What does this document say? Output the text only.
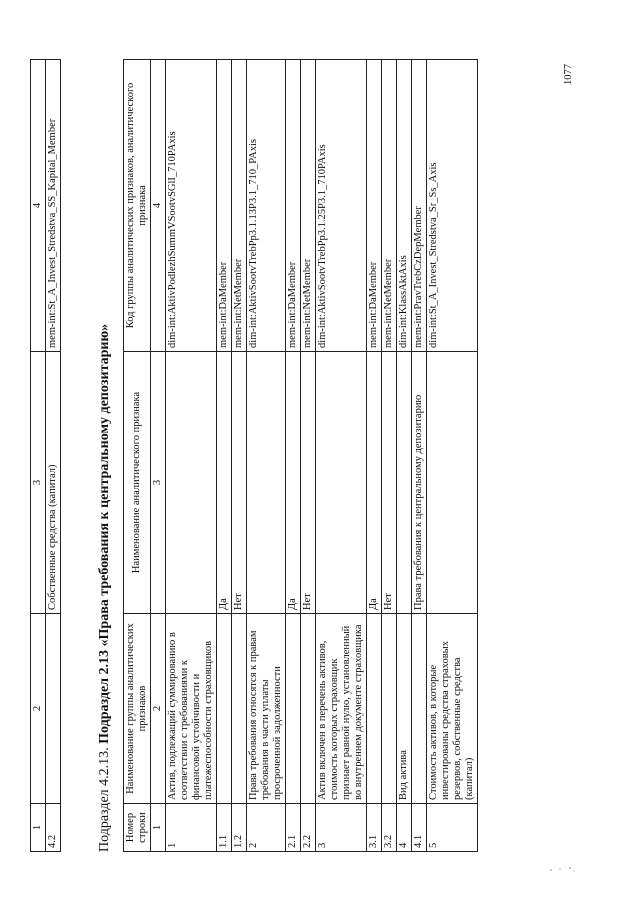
1	2	3	4
4.2		Собственные средства (капитал)	mem-int:St_A_Invest_Stredstva_SS_Kapital_Member
Подраздел 4.2.13. Подраздел 2.13 «Права требования к центральному депозитарию»
Номер строки	Наименование группы аналитических признаков	Наименование аналитического признака	Код группы аналитических признаков, аналитического признака
1	2	3	4
1	Актив, подлежащий суммированию в соответствии с требованиями к финансовой устойчивости и платежеспособности страховщиков		dim-int:AktivPodlezhSummVSootvSGlI_710PAxis
1.1		Да	mem-int:DaMember
1.2		Нет	mem-int:NetMember
2	Права требования относятся к правам требования в части уплаты просроченной задолженности		dim-int:AktivSootvTrebPp3.1.13P3.1_710_PAxis
2.1		Да	mem-int:DaMember
2.2		Нет	mem-int:NetMember
3	Актив включен в перечень активов, стоимость которых страховщик признает равной нулю, установленный во внутреннем документе страховщика		dim-int:AktivSootvTrebPp3.1.25P3.1_710PAxis
3.1		Да	mem-int:DaMember
3.2		Нет	mem-int:NetMember
4	Вид актива		dim-int:KlassAktAxis
4.1		Права требования к центральному депозитарию	mem-int:PravTrebCzDepMember
5	Стоимость активов, в которые инвестированы средства страховых резервов, собственные средства (капитал)		dim-int:St_A_Invest_Stredstva_Sr_Ss_Axis
1077
